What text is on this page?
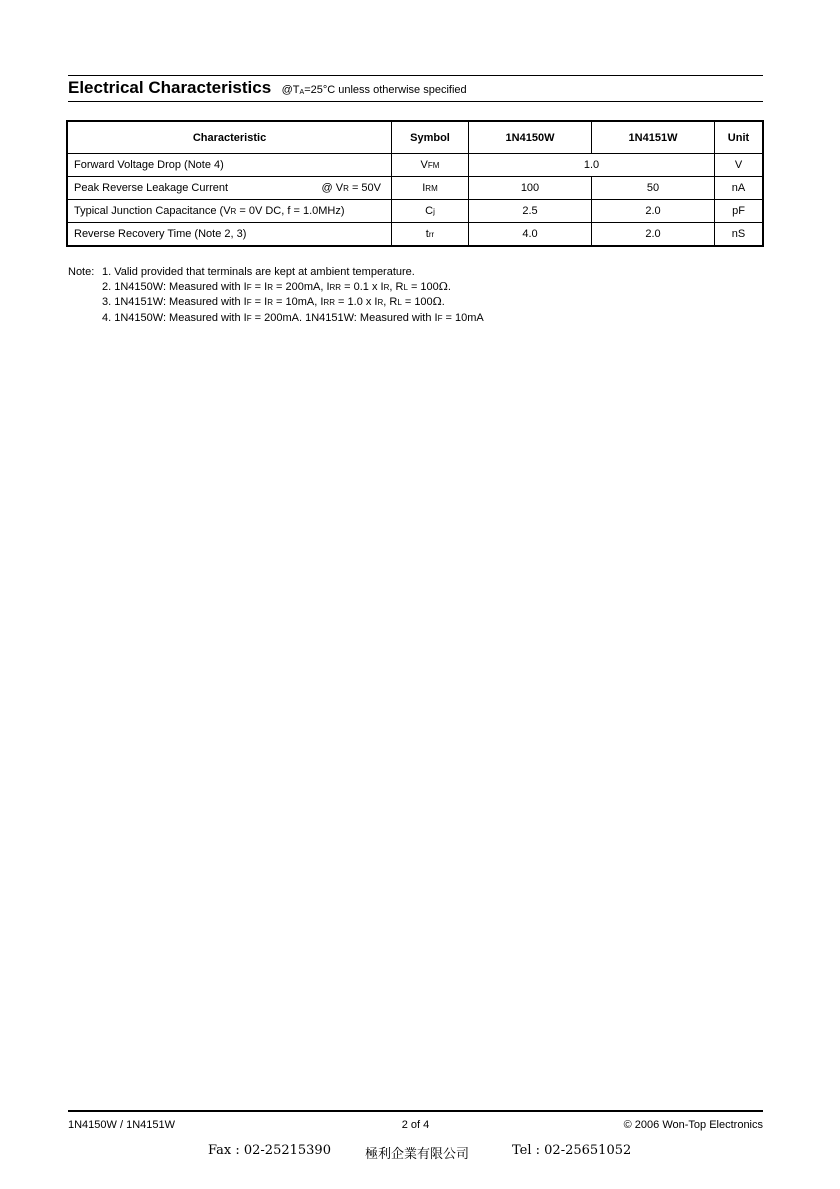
Electrical Characteristics $@T_A=25^\circ C$ unless otherwise specified
Characteristic	Symbol	1N4150W	1N4151W	Unit
Forward Voltage Drop (Note 4)	VFM	1.0		V
Peak Reverse Leakage Current @ VR = 50V	IRM	100	50	nA
Typical Junction Capacitance (VR = 0V DC, f = 1.0MHz)	Cj	2.5	2.0	pF
Reverse Recovery Time (Note 2, 3)	trr	4.0	2.0	nS
Note: 1. Valid provided that terminals are kept at ambient temperature.
2. 1N4150W: Measured with IF = IR = 200mA, IRR = 0.1 x IR, RL = 100Ω.
3. 1N4151W: Measured with IF = IR = 10mA, IRR = 1.0 x IR, RL = 100Ω.
4. 1N4150W: Measured with IF = 200mA. 1N4151W: Measured with IF = 10mA
1N4150W / 1N4151W	2 of 4	© 2006 Won-Top Electronics
Fax : 02-25215390	極利企業有限公司	Tel : 02-25651052
